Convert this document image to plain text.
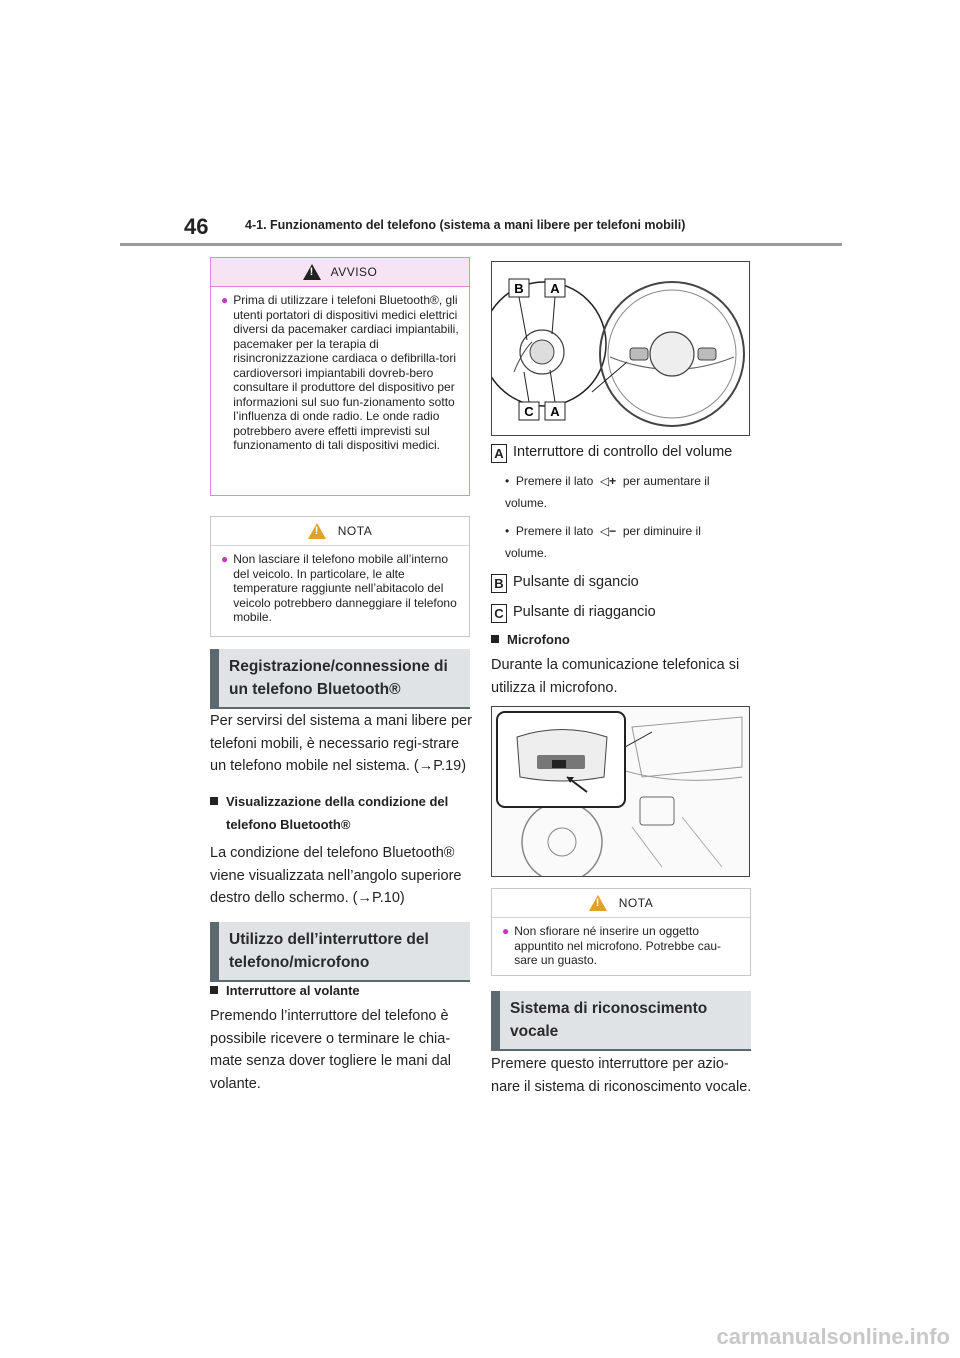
46	4-1. Funzionamento del telefono (sistema a mani libere per telefoni mobili)
!
AVVISO
● Prima di utilizzare i telefoni Bluetooth®, gli utenti portatori di dispositivi medici elettrici diversi da pacemaker cardiaci impiantabili, pacemaker per la terapia di risincronizzazione cardiaca o defibrilla-tori cardioversori impiantabili dovreb-bero consultare il produttore del dispositivo per informazioni sul suo fun-zionamento sotto l’influenza di onde radio. Le onde radio potrebbero avere effetti imprevisti sul funzionamento di tali dispositivi medici.
!
NOTA
● Non lasciare il telefono mobile all’interno del veicolo. In particolare, le alte temperature raggiunte nell’abitacolo del veicolo potrebbero danneggiare il telefono mobile.
Registrazione/connessione di
un telefono Bluetooth®
Per servirsi del sistema a mani libere per telefoni mobili, è necessario regi-strare un telefono mobile nel sistema. (→P.19)
Visualizzazione della condizione del telefono Bluetooth®
La condizione del telefono Bluetooth® viene visualizzata nell’angolo superiore destro dello schermo. (→P.10)
Utilizzo dell’interruttore del
telefono/microfono
Interruttore al volante
Premendo l’interruttore del telefono è possibile ricevere o terminare le chia-mate senza dover togliere le mani dal volante.
B A
C A
A Interruttore di controllo del volume
•  Premere il lato  ◁+  per aumentare il volume.
•  Premere il lato  ◁−  per diminuire il volume.
B Pulsante di sgancio
C Pulsante di riaggancio
Microfono
Durante la comunicazione telefonica si utilizza il microfono.
!
NOTA
● Non sfiorare né inserire un oggetto appuntito nel microfono. Potrebbe cau-sare un guasto.
Sistema di riconoscimento
vocale
Premere questo interruttore per azio-nare il sistema di riconoscimento vocale.
carmanualsonline.info
